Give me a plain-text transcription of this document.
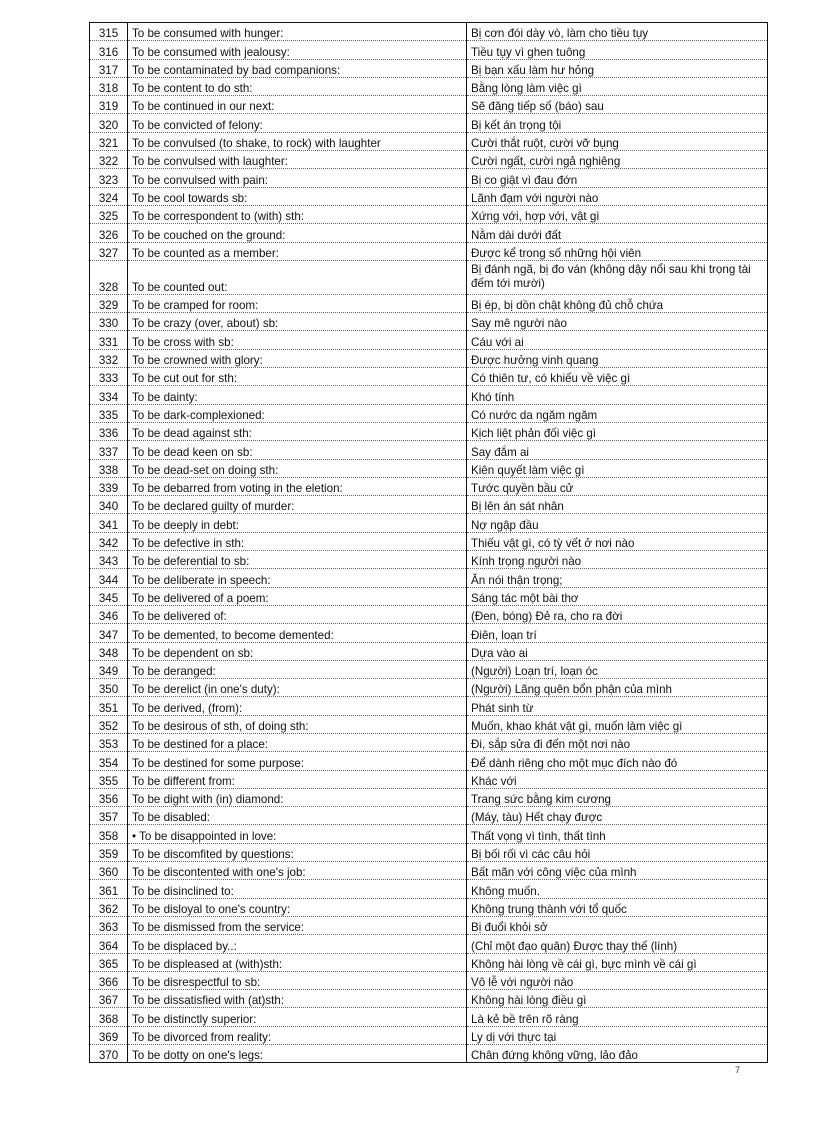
315	To be consumed with hunger:	Bị cơn đói dày vò, làm cho tiều tụy
316	To be consumed with jealousy:	Tiều tụy vì ghen tuông
317	To be contaminated by bad companions:	Bị bạn xấu làm hư hỏng
318	To be content to do sth:	Bằng lòng làm việc gì
319	To be continued in our next:	Sẽ đăng tiếp số (báo) sau
320	To be convicted of felony:	Bị kết án trọng tội
321	To be convulsed (to shake, to rock) with laughter	Cười thắt ruột, cười vỡ bụng
322	To be convulsed with laughter:	Cười ngất, cười ngả nghiêng
323	To be convulsed with pain:	Bị co giật vì đau đớn
324	To be cool towards sb:	Lãnh đạm với người nào
325	To be correspondent to (with) sth:	Xứng với, hợp với, vật gì
326	To be couched on the ground:	Nằm dài dưới đất
327	To be counted as a member:	Được kể trong số những hội viên
328	To be counted out:	Bị đánh ngã, bị đo ván (không dậy nổi sau khi trọng tài đếm tới mười)
329	To be cramped for room:	Bị ép, bị dồn chật không đủ chỗ chứa
330	To be crazy (over, about) sb:	Say mê người nào
331	To be cross with sb:	Cáu với ai
332	To be crowned with glory:	Được hưởng vinh quang
333	To be cut out for sth:	Có thiên tư, có khiếu về việc gì
334	To be dainty:	Khó tính
335	To be dark-complexioned:	Có nước da ngăm ngăm
336	To be dead against sth:	Kịch liệt phản đối việc gì
337	To be dead keen on sb:	Say đắm ai
338	To be dead-set on doing sth:	Kiên quyết làm việc gì
339	To be debarred from voting in the eletion:	Tước quyền bầu cử
340	To be declared guilty of murder:	Bị lên án sát nhân
341	To be deeply in debt:	Nợ ngập đầu
342	To be defective in sth:	Thiếu vật gì, có tỳ vết ở nơi nào
343	To be deferential to sb:	Kính trọng người nào
344	To be deliberate in speech:	Ăn nói thận trọng;
345	To be delivered of a poem:	Sáng tác một bài thơ
346	To be delivered of:	(Đen, bóng) Đẻ ra, cho ra đời
347	To be demented, to become demented:	Điên, loạn trí
348	To be dependent on sb:	Dựa vào ai
349	To be deranged:	(Người) Loạn trí, loạn óc
350	To be derelict (in one's duty):	(Người) Lãng quên bổn phận của mình
351	To be derived, (from):	Phát sinh từ
352	To be desirous of sth, of doing sth:	Muốn, khao khát vật gì, muốn làm việc gì
353	To be destined for a place:	Đi, sắp sửa đi đến một nơi nào
354	To be destined for some purpose:	Để dành riêng cho một mục đích nào đó
355	To be different from:	Khác với
356	To be dight with (in) diamond:	Trang sức bằng kim cương
357	To be disabled:	(Máy, tàu) Hết chạy được
358	• To be disappointed in love:	Thất vọng vì tình, thất tình
359	To be discomfited by questions:	Bị bối rối vì các câu hỏi
360	To be discontented with one's job:	Bất mãn với công việc của mình
361	To be disinclined to:	Không muốn.
362	To be disloyal to one's country:	Không trung thành với tổ quốc
363	To be dismissed from the service:	Bị đuổi khỏi sở
364	To be displaced by..:	(Chỉ một đạo quân) Được thay thế (lính)
365	To be displeased at (with)sth:	Không hài lòng về cái gì, bực mình về cái gì
366	To be disrespectful to sb:	Vô lễ với người nào
367	To be dissatisfied with (at)sth:	Không hài lòng điều gì
368	To be distinctly superior:	Là kẻ bề trên rõ ràng
369	To be divorced from reality:	Ly dị với thực tại
370	To be dotty on one's legs:	Chân đứng không vững, lảo đảo
7
